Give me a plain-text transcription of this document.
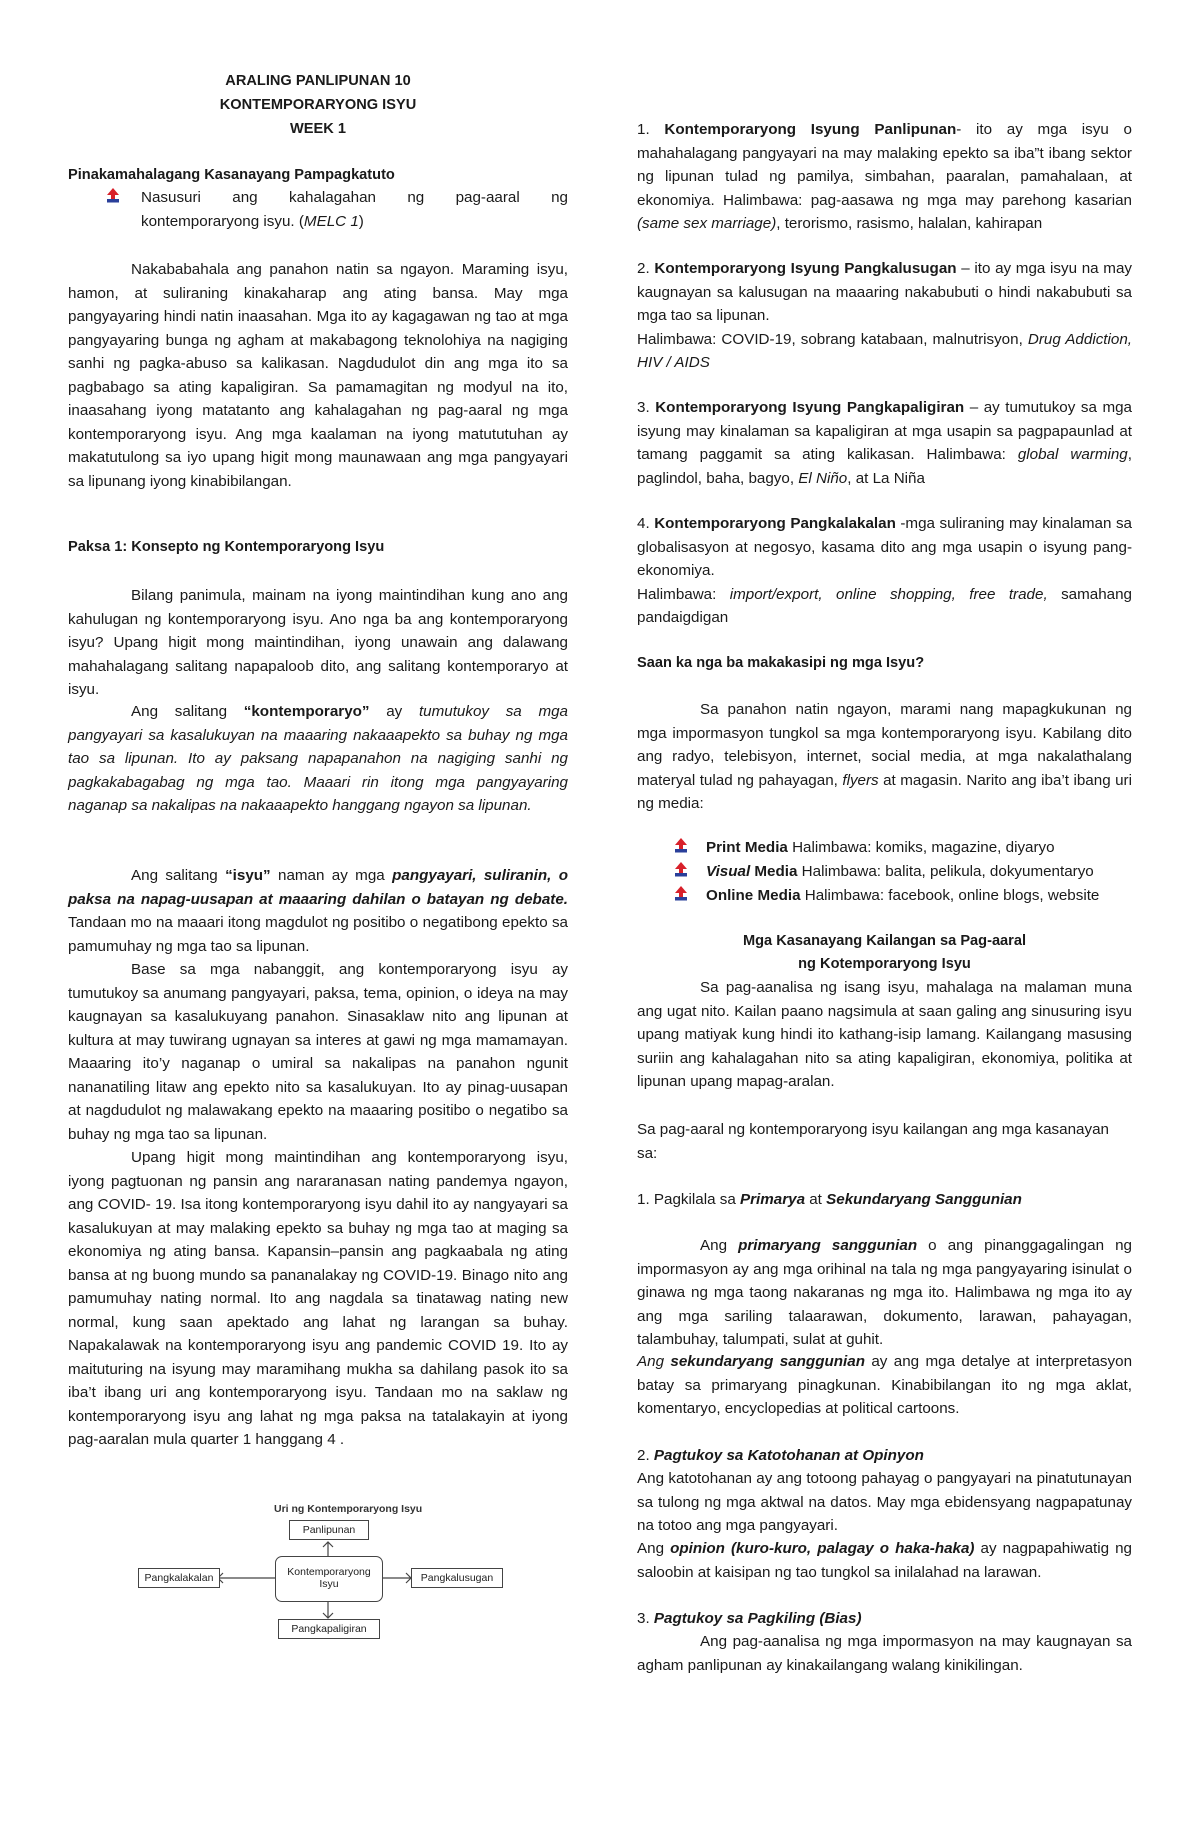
ARALING PANLIPUNAN 10
KONTEMPORARYONG ISYU
WEEK 1
Pinakamahalagang Kasanayang Pampagkatuto
Nasusuri ang kahalagahan ng pag-aaral ng
kontemporaryong isyu. (MELC 1)

Nakababahala ang panahon natin sa ngayon. Maraming isyu, hamon, at suliraning kinakaharap ang ating bansa. May mga pangyayaring hindi natin inaasahan. Mga ito ay kagagawan ng tao at mga pangyayaring bunga ng agham at makabagong teknolohiya na nagiging sanhi ng pagka-abuso sa kalikasan. Nagdudulot din ang mga ito sa pagbabago sa ating kapaligiran. Sa pamamagitan ng modyul na ito, inaasahang iyong matatanto ang kahalagahan ng pag-aaral ng mga kontemporaryong isyu. Ang mga kaalaman na iyong matututuhan ay makatutulong sa iyo upang higit mong maunawaan ang mga pangyayari sa lipunang iyong kinabibilangan.

Paksa 1: Konsepto ng Kontemporaryong Isyu

Bilang panimula, mainam na iyong maintindihan kung ano ang kahulugan ng kontemporaryong isyu. Ano nga ba ang kontemporaryong isyu? Upang higit mong maintindihan, iyong unawain ang dalawang mahahalagang salitang napapaloob dito, ang salitang kontemporaryo at isyu.

Ang salitang “kontemporaryo” ay tumutukoy sa mga pangyayari sa kasalukuyan na maaaring nakaaapekto sa buhay ng mga tao sa lipunan. Ito ay paksang napapanahon na nagiging sanhi ng pagkakabagabag ng mga tao. Maaari rin itong mga pangyayaring naganap sa nakalipas na nakaaapekto hanggang ngayon sa lipunan.

Ang salitang “isyu” naman ay mga pangyayari, suliranin, o paksa na napag-uusapan at maaaring dahilan o batayan ng debate. Tandaan mo na maaari itong magdulot ng positibo o negatibong epekto sa pamumuhay ng mga tao sa lipunan.

Base sa mga nabanggit, ang kontemporaryong isyu ay tumutukoy sa anumang pangyayari, paksa, tema, opinion, o ideya na may kaugnayan sa kasalukuyang panahon. Sinasaklaw nito ang lipunan at kultura at may tuwirang ugnayan sa interes at gawi ng mga mamamayan. Maaaring ito’y naganap o umiral sa nakalipas na panahon ngunit nananatiling litaw ang epekto nito sa kasalukuyan. Ito ay pinag-uusapan at nagdudulot ng malawakang epekto na maaaring positibo o negatibo sa buhay ng mga tao sa lipunan.

Upang higit mong maintindihan ang kontemporaryong isyu, iyong pagtuonan ng pansin ang nararanasan nating pandemya ngayon, ang COVID- 19. Isa itong kontemporaryong isyu dahil ito ay nangyayari sa kasalukuyan at may malaking epekto sa buhay ng mga tao at maging sa ekonomiya ng ating bansa. Kapansin–pansin ang pagkaabala ng ating bansa at ng buong mundo sa pananalakay ng COVID-19. Binago nito ang pamumuhay nating normal. Ito ang nagdala sa tinatawag nating new normal, kung saan apektado ang lahat ng larangan sa buhay. Napakalawak na kontemporaryong isyu ang pandemic COVID 19. Ito ay maituturing na isyung may maramihang mukha sa dahilang pasok ito sa iba’t ibang uri ang kontemporaryong isyu. Tandaan mo na saklaw ng kontemporaryong isyu ang lahat ng mga paksa na tatalakayin at iyong pag-aaralan mula quarter 1 hanggang 4 .

Uri ng Kontemporaryong Isyu
Panlipunan
Kontemporaryong
Isyu
Pangkalakalan	Pangkalusugan
Pangkapaligiran

1. Kontemporaryong Isyung Panlipunan- ito ay mga isyu o mahahalagang pangyayari na may malaking epekto sa iba”t ibang sektor ng lipunan tulad ng pamilya, simbahan, paaralan, pamahalaan, at ekonomiya. Halimbawa: pag-aasawa ng mga may parehong kasarian (same sex marriage), terorismo, rasismo, halalan, kahirapan

2. Kontemporaryong Isyung Pangkalusugan – ito ay mga isyu na may kaugnayan sa kalusugan na maaaring nakabubuti o hindi nakabubuti sa mga tao sa lipunan.
Halimbawa: COVID-19, sobrang katabaan, malnutrisyon, Drug Addiction, HIV / AIDS

3. Kontemporaryong Isyung Pangkapaligiran – ay tumutukoy sa mga isyung may kinalaman sa kapaligiran at mga usapin sa pagpapaunlad at tamang paggamit sa ating kalikasan. Halimbawa: global warming, paglindol, baha, bagyo, El Niño, at La Niña

4. Kontemporaryong Pangkalakalan -mga suliraning may kinalaman sa globalisasyon at negosyo, kasama dito ang mga usapin o isyung pang-ekonomiya.
Halimbawa: import/export, online shopping, free trade, samahang pandaigdigan

Saan ka nga ba makakasipi ng mga Isyu?

Sa panahon natin ngayon, marami nang mapagkukunan ng mga impormasyon tungkol sa mga kontemporaryong isyu. Kabilang dito ang radyo, telebisyon, internet, social media, at mga nakalathalang materyal tulad ng pahayagan, flyers at magasin. Narito ang iba’t ibang uri ng media:

Print Media Halimbawa: komiks, magazine, diyaryo
Visual Media Halimbawa: balita, pelikula, dokyumentaryo
Online Media Halimbawa: facebook, online blogs, website
Mga Kasanayang Kailangan sa Pag-aaral
ng Kotemporaryong Isyu

Sa pag-aanalisa ng isang isyu, mahalaga na malaman muna ang ugat nito. Kailan paano nagsimula at saan galing ang sinusuring isyu upang matiyak kung hindi ito kathang-isip lamang. Kailangang masusing suriin ang kahalagahan nito sa ating kapaligiran, ekonomiya, politika at lipunan upang mapag-aralan.

Sa pag-aaral ng kontemporaryong isyu kailangan ang mga kasanayan sa:

1. Pagkilala sa Primarya at Sekundaryang Sanggunian

Ang primaryang sanggunian o ang pinanggagalingan ng impormasyon ay ang mga orihinal na tala ng mga pangyayaring isinulat o ginawa ng mga taong nakaranas ng mga ito. Halimbawa ng mga ito ay ang mga sariling talaarawan, dokumento, larawan, pahayagan, talambuhay, talumpati, sulat at guhit.

Ang sekundaryang sanggunian ay ang mga detalye at interpretasyon batay sa primaryang pinagkunan. Kinabibilangan ito ng mga aklat, komentaryo, encyclopedias at political cartoons.

2. Pagtukoy sa Katotohanan at Opinyon

Ang katotohanan ay ang totoong pahayag o pangyayari na pinatutunayan sa tulong ng mga aktwal na datos. May mga ebidensyang nagpapatunay na totoo ang mga pangyayari.

Ang opinion (kuro-kuro, palagay o haka-haka) ay nagpapahiwatig ng saloobin at kaisipan ng tao tungkol sa inilalahad na larawan.

3. Pagtukoy sa Pagkiling (Bias)

Ang pag-aanalisa ng mga impormasyon na may kaugnayan sa agham panlipunan ay kinakailangang walang kinikilingan.
